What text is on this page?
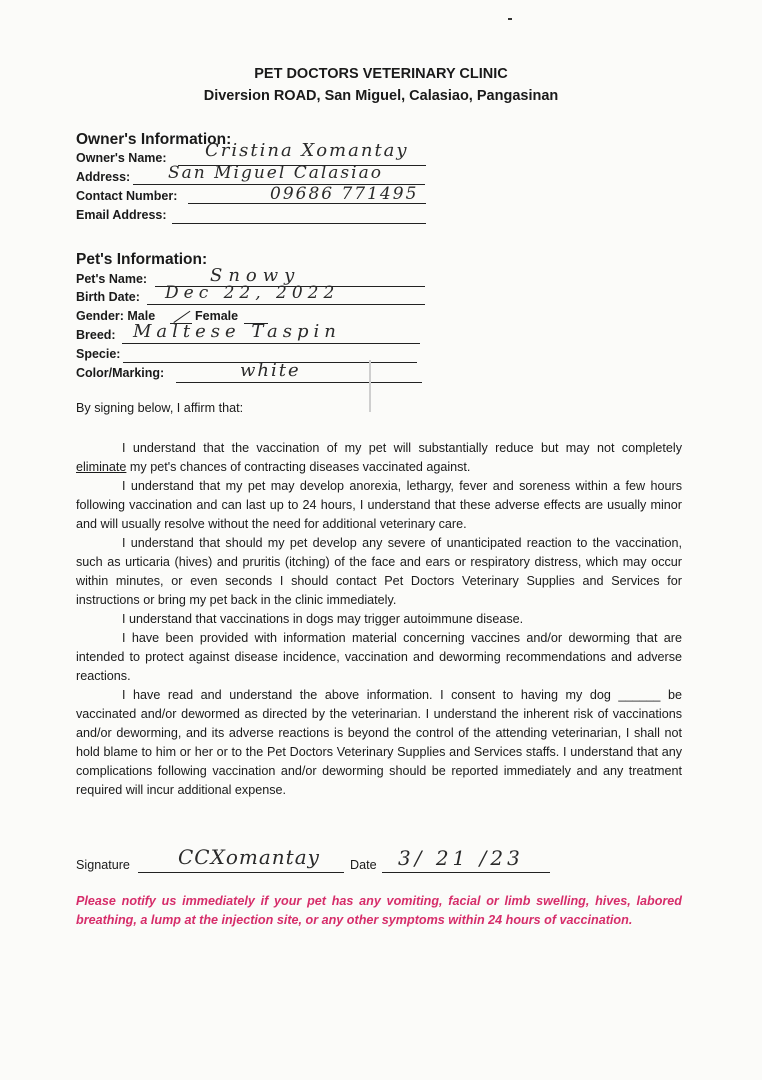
PET DOCTORS VETERINARY CLINIC
Diversion ROAD, San Miguel, Calasiao, Pangasinan
Owner's Information:
Owner's Name: Cristina Xomantay
Address: San Miguel Calasiao
Contact Number:	09686 771495
Email Address:
Pet's Information:
Pet's Name:	Snowy
Birth Date: Dec 22, 2022
Gender: Male	Female
Breed: Maltese Taspin
Specie:
Color/Marking:	white
By signing below, I affirm that:

I understand that the vaccination of my pet will substantially reduce but may not completely eliminate my pet's chances of contracting diseases vaccinated against.

I understand that my pet may develop anorexia, lethargy, fever and soreness within a few hours following vaccination and can last up to 24 hours, I understand that these adverse effects are usually minor and will usually resolve without the need for additional veterinary care.

I understand that should my pet develop any severe of unanticipated reaction to the vaccination, such as urticaria (hives) and pruritis (itching) of the face and ears or respiratory distress, which may occur within minutes, or even seconds I should contact Pet Doctors Veterinary Supplies and Services for instructions or bring my pet back in the clinic immediately.

I understand that vaccinations in dogs may trigger autoimmune disease.

I have been provided with information material concerning vaccines and/or deworming that are intended to protect against disease incidence, vaccination and deworming recommendations and adverse reactions.

I have read and understand the above information. I consent to having my dog ______ be vaccinated and/or dewormed as directed by the veterinarian. I understand the inherent risk of vaccinations and/or deworming, and its adverse reactions is beyond the control of the attending veterinarian, I shall not hold blame to him or her or to the Pet Doctors Veterinary Supplies and Services staffs. I understand that any complications following vaccination and/or deworming should be reported immediately and any treatment required will incur additional expense.

Signature CCXomantay Date 3/ 21 /23
Please notify us immediately if your pet has any vomiting, facial or limb swelling, hives, labored breathing, a lump at the injection site, or any other symptoms within 24 hours of vaccination.
